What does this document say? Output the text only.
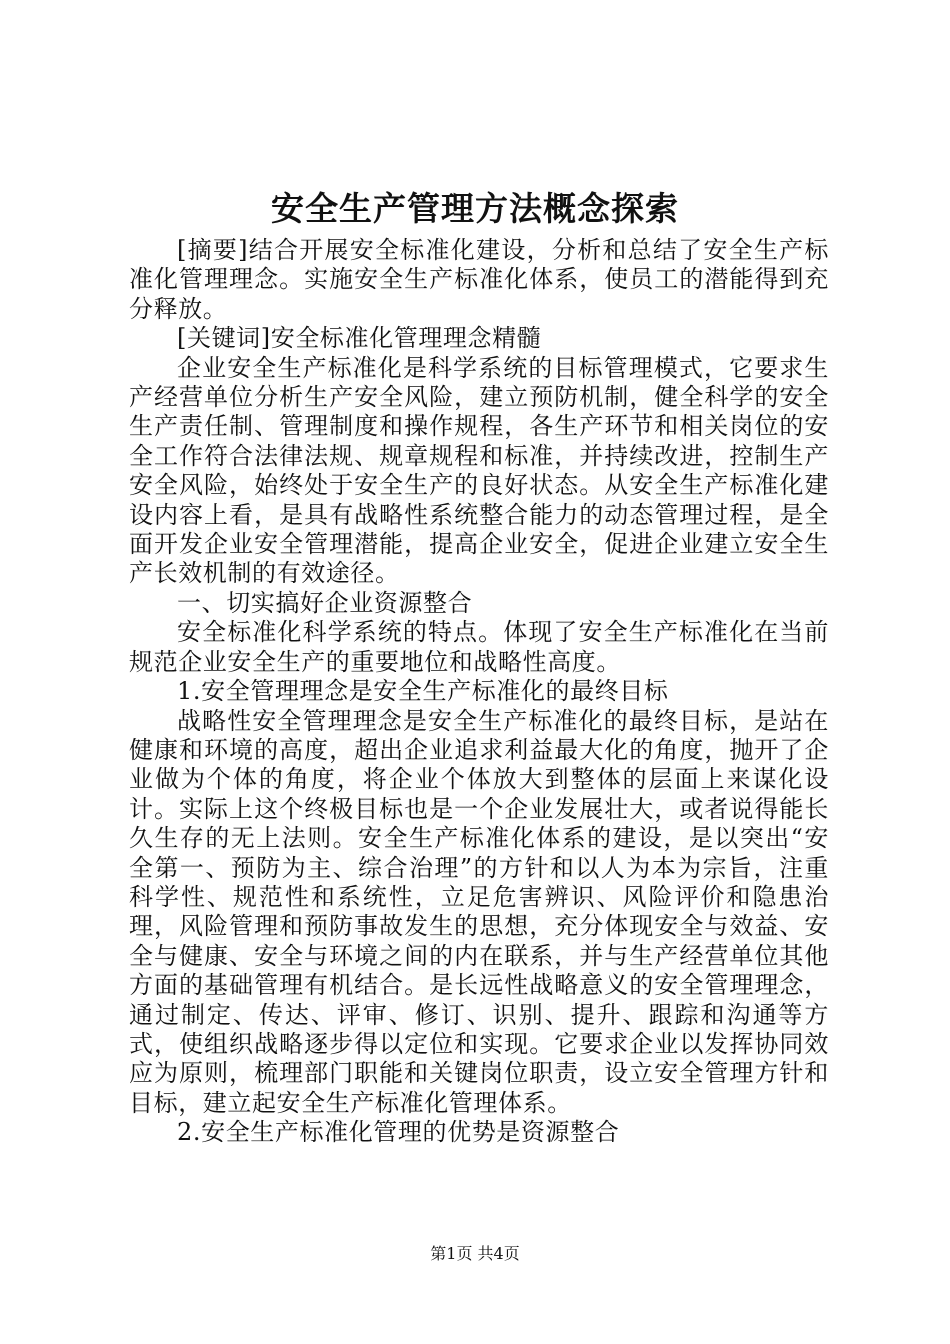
安全生产管理方法概念探索

[摘要]结合开展安全标准化建设，分析和总结了安全生产标准化管理理念。实施安全生产标准化体系，使员工的潜能得到充分释放。

[关键词]安全标准化管理理念精髓

企业安全生产标准化是科学系统的目标管理模式，它要求生产经营单位分析生产安全风险，建立预防机制，健全科学的安全生产责任制、管理制度和操作规程，各生产环节和相关岗位的安全工作符合法律法规、规章规程和标准，并持续改进，控制生产安全风险，始终处于安全生产的良好状态。从安全生产标准化建设内容上看，是具有战略性系统整合能力的动态管理过程，是全面开发企业安全管理潜能，提高企业安全，促进企业建立安全生产长效机制的有效途径。

一、切实搞好企业资源整合

安全标准化科学系统的特点。体现了安全生产标准化在当前规范企业安全生产的重要地位和战略性高度。

1.安全管理理念是安全生产标准化的最终目标

战略性安全管理理念是安全生产标准化的最终目标，是站在健康和环境的高度，超出企业追求利益最大化的角度，抛开了企业做为个体的角度，将企业个体放大到整体的层面上来谋化设计。实际上这个终极目标也是一个企业发展壮大，或者说得能长久生存的无上法则。安全生产标准化体系的建设，是以突出“安全第一、预防为主、综合治理”的方针和以人为本为宗旨，注重科学性、规范性和系统性，立足危害辨识、风险评价和隐患治理，风险管理和预防事故发生的思想，充分体现安全与效益、安全与健康、安全与环境之间的内在联系，并与生产经营单位其他方面的基础管理有机结合。是长远性战略意义的安全管理理念，通过制定、传达、评审、修订、识别、提升、跟踪和沟通等方式，使组织战略逐步得以定位和实现。它要求企业以发挥协同效应为原则，梳理部门职能和关键岗位职责，设立安全管理方针和目标，建立起安全生产标准化管理体系。

2.安全生产标准化管理的优势是资源整合

第1页 共4页
